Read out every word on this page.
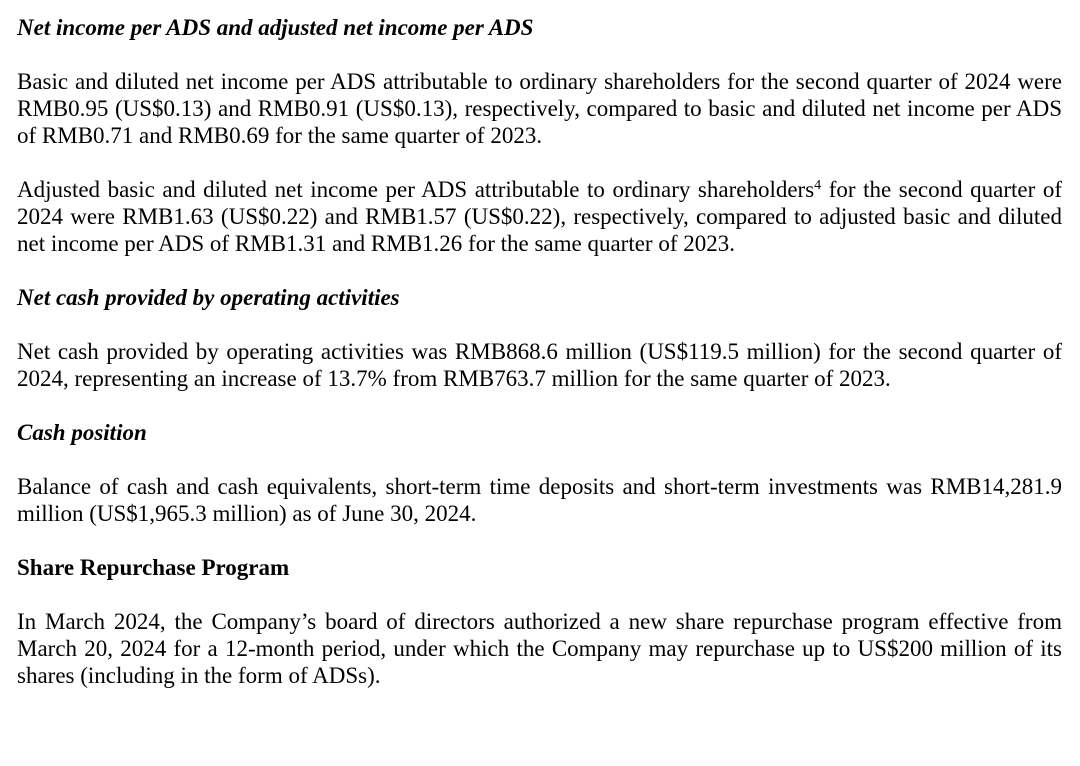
Net income per ADS and adjusted net income per ADS

Basic and diluted net income per ADS attributable to ordinary shareholders for the second quarter of 2024 were RMB0.95 (US$0.13) and RMB0.91 (US$0.13), respectively, compared to basic and diluted net income per ADS of RMB0.71 and RMB0.69 for the same quarter of 2023.

Adjusted basic and diluted net income per ADS attributable to ordinary shareholders$^4$ for the second quarter of 2024 were RMB1.63 (US$0.22) and RMB1.57 (US$0.22), respectively, compared to adjusted basic and diluted net income per ADS of RMB1.31 and RMB1.26 for the same quarter of 2023.

Net cash provided by operating activities

Net cash provided by operating activities was RMB868.6 million (US$119.5 million) for the second quarter of 2024, representing an increase of 13.7% from RMB763.7 million for the same quarter of 2023.

Cash position

Balance of cash and cash equivalents, short-term time deposits and short-term investments was RMB14,281.9 million (US$1,965.3 million) as of June 30, 2024.

Share Repurchase Program

In March 2024, the Company’s board of directors authorized a new share repurchase program effective from March 20, 2024 for a 12-month period, under which the Company may repurchase up to US$200 million of its shares (including in the form of ADSs).
